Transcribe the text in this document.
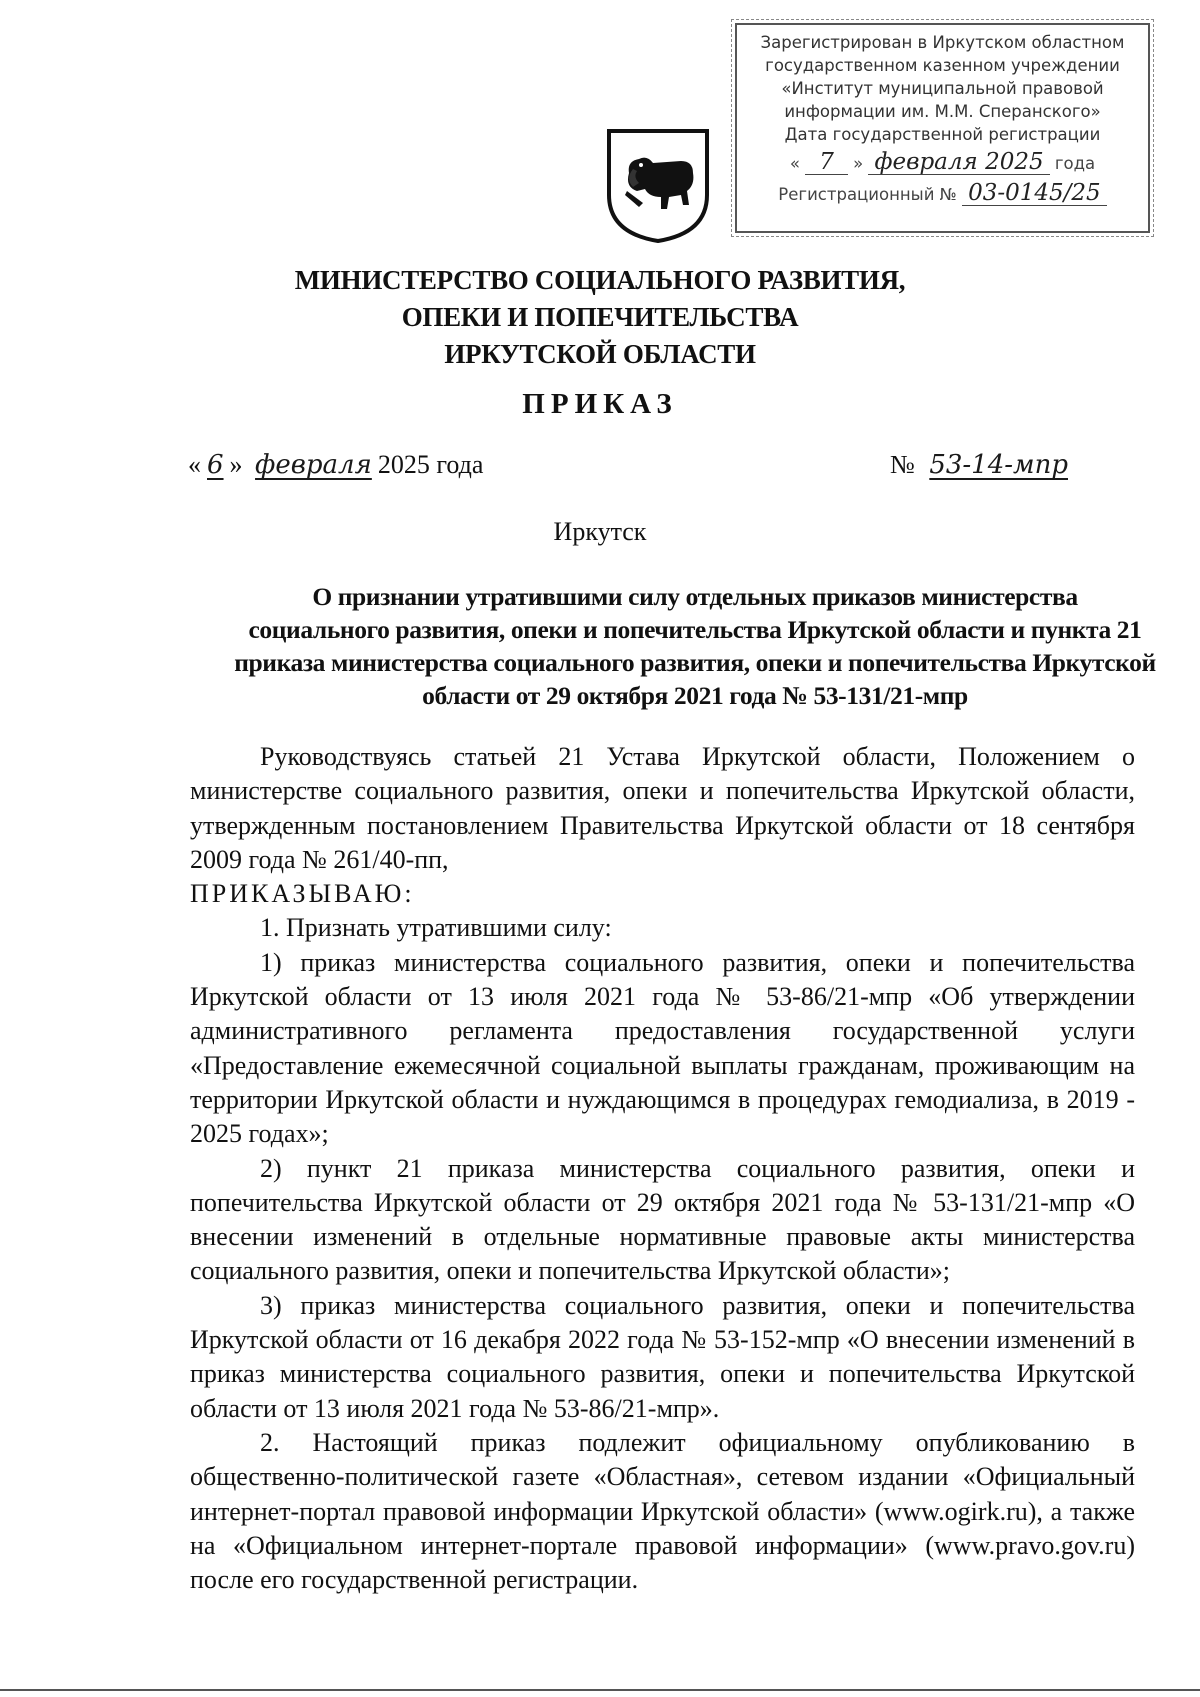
Зарегистрирован в Иркутском областном
государственном казенном учреждении
«Институт муниципальной правовой
информации им. М.М. Сперанского»
Дата государственной регистрации
« 7 » февраля 2025 года
Регистрационный № 03-0145/25
МИНИСТЕРСТВО СОЦИАЛЬНОГО РАЗВИТИЯ,
ОПЕКИ И ПОПЕЧИТЕЛЬСТВА
ИРКУТСКОЙ ОБЛАСТИ
ПРИКАЗ
« 6 » февраля 2025 года	№ 53-14-мпр
Иркутск
О признании утратившими силу отдельных приказов министерства
социального развития, опеки и попечительства Иркутской области и пункта 21
приказа министерства социального развития, опеки и попечительства Иркутской
области от 29 октября 2021 года № 53-131/21-мпр

Руководствуясь статьей 21 Устава Иркутской области, Положением о министерстве социального развития, опеки и попечительства Иркутской области, утвержденным постановлением Правительства Иркутской области от 18 сентября 2009 года № 261/40-пп,

ПРИКАЗЫВАЮ:

1. Признать утратившими силу:

1) приказ министерства социального развития, опеки и попечительства Иркутской области от 13 июля 2021 года № 53-86/21-мпр «Об утверждении административного регламента предоставления государственной услуги «Предоставление ежемесячной социальной выплаты гражданам, проживающим на территории Иркутской области и нуждающимся в процедурах гемодиализа, в 2019 - 2025 годах»;

2) пункт 21 приказа министерства социального развития, опеки и попечительства Иркутской области от 29 октября 2021 года № 53-131/21-мпр «О внесении изменений в отдельные нормативные правовые акты министерства социального развития, опеки и попечительства Иркутской области»;

3) приказ министерства социального развития, опеки и попечительства Иркутской области от 16 декабря 2022 года № 53-152-мпр «О внесении изменений в приказ министерства социального развития, опеки и попечительства Иркутской области от 13 июля 2021 года № 53-86/21-мпр».

2. Настоящий приказ подлежит официальному опубликованию в общественно-политической газете «Областная», сетевом издании «Официальный интернет-портал правовой информации Иркутской области» (www.ogirk.ru), а также на «Официальном интернет-портале правовой информации» (www.pravo.gov.ru) после его государственной регистрации.
